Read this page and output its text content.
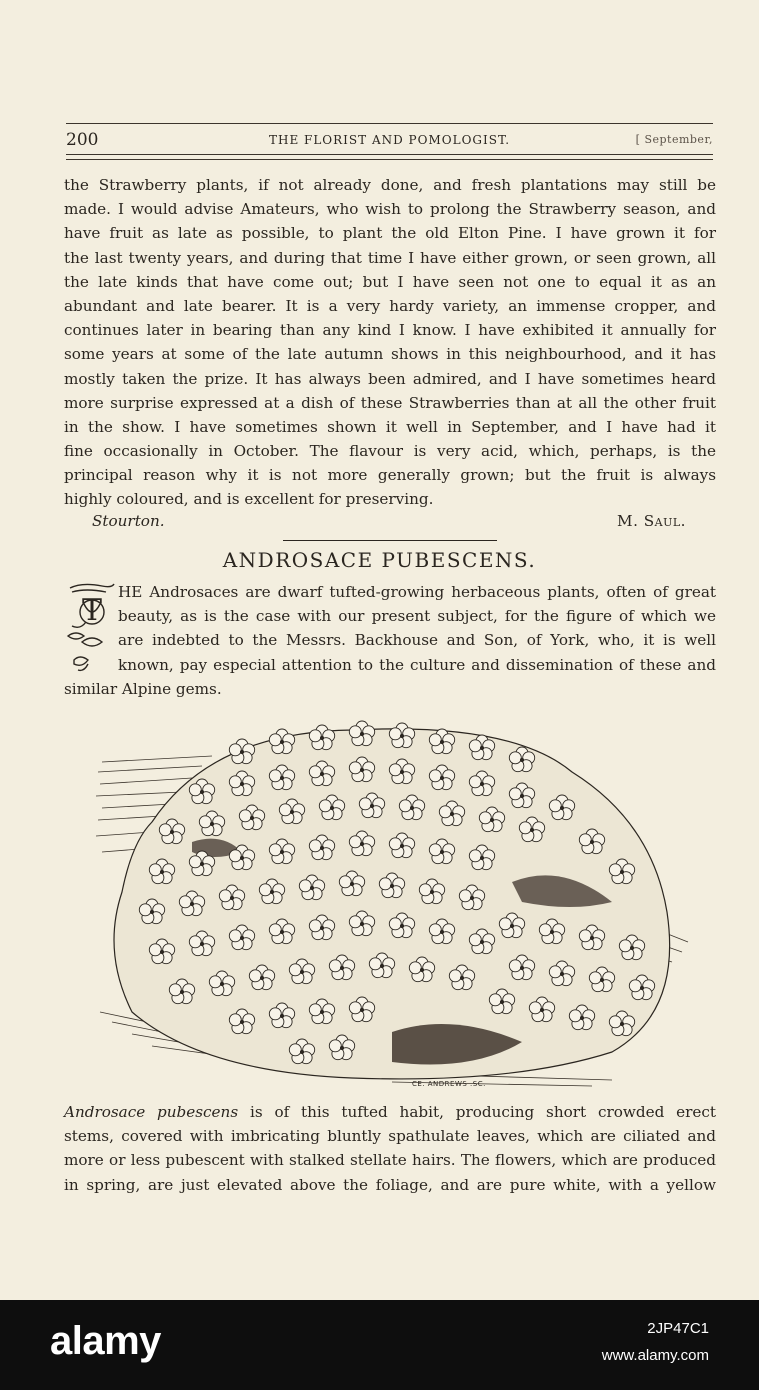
200	THE FLORIST AND POMOLOGIST.	[ September,
the Strawberry plants, if not already done, and fresh plantations may still be
made. I would advise Amateurs, who wish to prolong the Strawberry season, and
have fruit as late as possible, to plant the old Elton Pine. I have grown it for
the last twenty years, and during that time I have either grown, or seen grown, all
the late kinds that have come out; but I have seen not one to equal it as an
abundant and late bearer. It is a very hardy variety, an immense cropper, and
continues later in bearing than any kind I know. I have exhibited it annually for
some years at some of the late autumn shows in this neighbourhood, and it has
mostly taken the prize. It has always been admired, and I have sometimes heard
more surprise expressed at a dish of these Strawberries than at all the other fruit
in the show. I have sometimes shown it well in September, and I have had it
fine occasionally in October. The flavour is very acid, which, perhaps, is the
principal reason why it is not more generally grown; but the fruit is always
highly coloured, and is excellent for preserving.
Stourton.	M. Saul.
ANDROSACE PUBESCENS.
T
HE Androsaces are dwarf tufted-growing herbaceous plants, often of great
beauty, as is the case with our present subject, for the figure of which we
are indebted to the Messrs. Backhouse and Son, of York, who, it is well
known, pay especial attention to the culture and dissemination of these and
similar Alpine gems.
CE. ANDREWS .SC.
Androsace pubescens is of this tufted habit, producing short crowded erect
stems, covered with imbricating bluntly spathulate leaves, which are ciliated and
more or less pubescent with stalked stellate hairs. The flowers, which are produced
in spring, are just elevated above the foliage, and are pure white, with a yellow
alamy	2JP47C1
www.alamy.com
